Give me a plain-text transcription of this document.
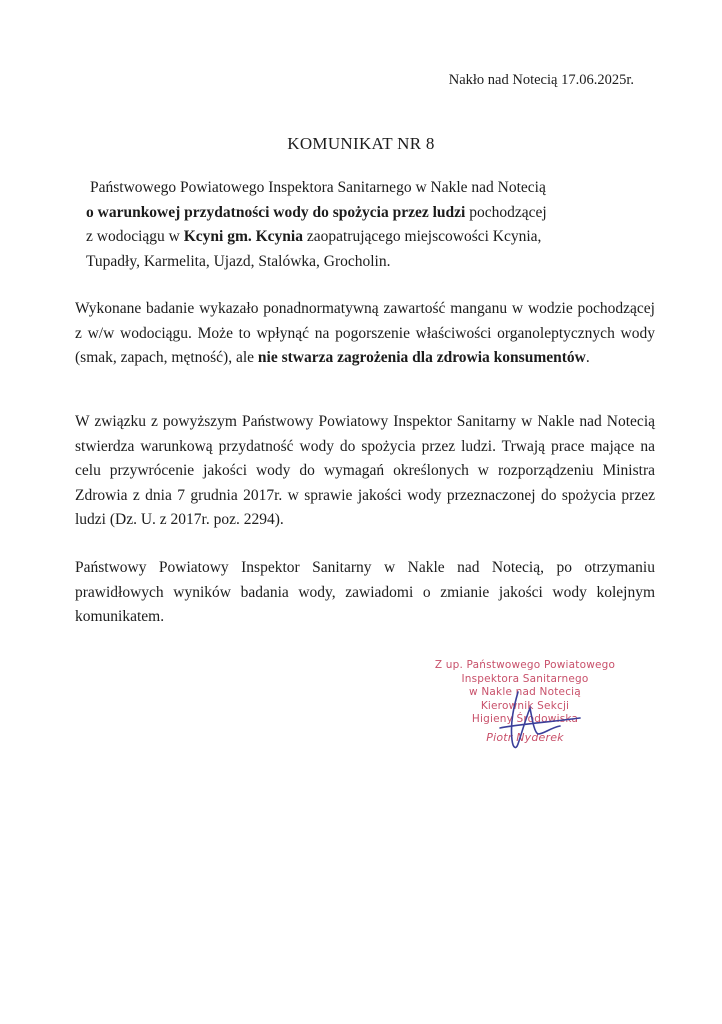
Nakło nad Notecią 17.06.2025r.
KOMUNIKAT NR 8

Państwowego Powiatowego Inspektora Sanitarnego w Nakle nad Notecią

o warunkowej przydatności wody do spożycia przez ludzi pochodzącej

z wodociągu w Kcyni gm. Kcynia zaopatrującego miejscowości Kcynia,

Tupadły, Karmelita, Ujazd, Stalówka, Grocholin.

Wykonane badanie wykazało ponadnormatywną zawartość manganu w wodzie pochodzącej z w/w wodociągu. Może to wpłynąć na pogorszenie właściwości organoleptycznych wody (smak, zapach, mętność), ale nie stwarza zagrożenia dla zdrowia konsumentów.

W związku z powyższym Państwowy Powiatowy Inspektor Sanitarny w Nakle nad Notecią stwierdza warunkową przydatność wody do spożycia przez ludzi. Trwają prace mające na celu przywrócenie jakości wody do wymagań określonych w rozporządzeniu Ministra Zdrowia z dnia 7 grudnia 2017r. w sprawie jakości wody przeznaczonej do spożycia przez ludzi (Dz. U. z 2017r. poz. 2294).

Państwowy Powiatowy Inspektor Sanitarny w Nakle nad Notecią, po otrzymaniu prawidłowych wyników badania wody, zawiadomi o zmianie jakości wody kolejnym komunikatem.

Z up. Państwowego Powiatowego
Inspektora Sanitarnego
w Nakle nad Notecią
Kierownik Sekcji
Higieny Środowiska
Piotr Nyderek
